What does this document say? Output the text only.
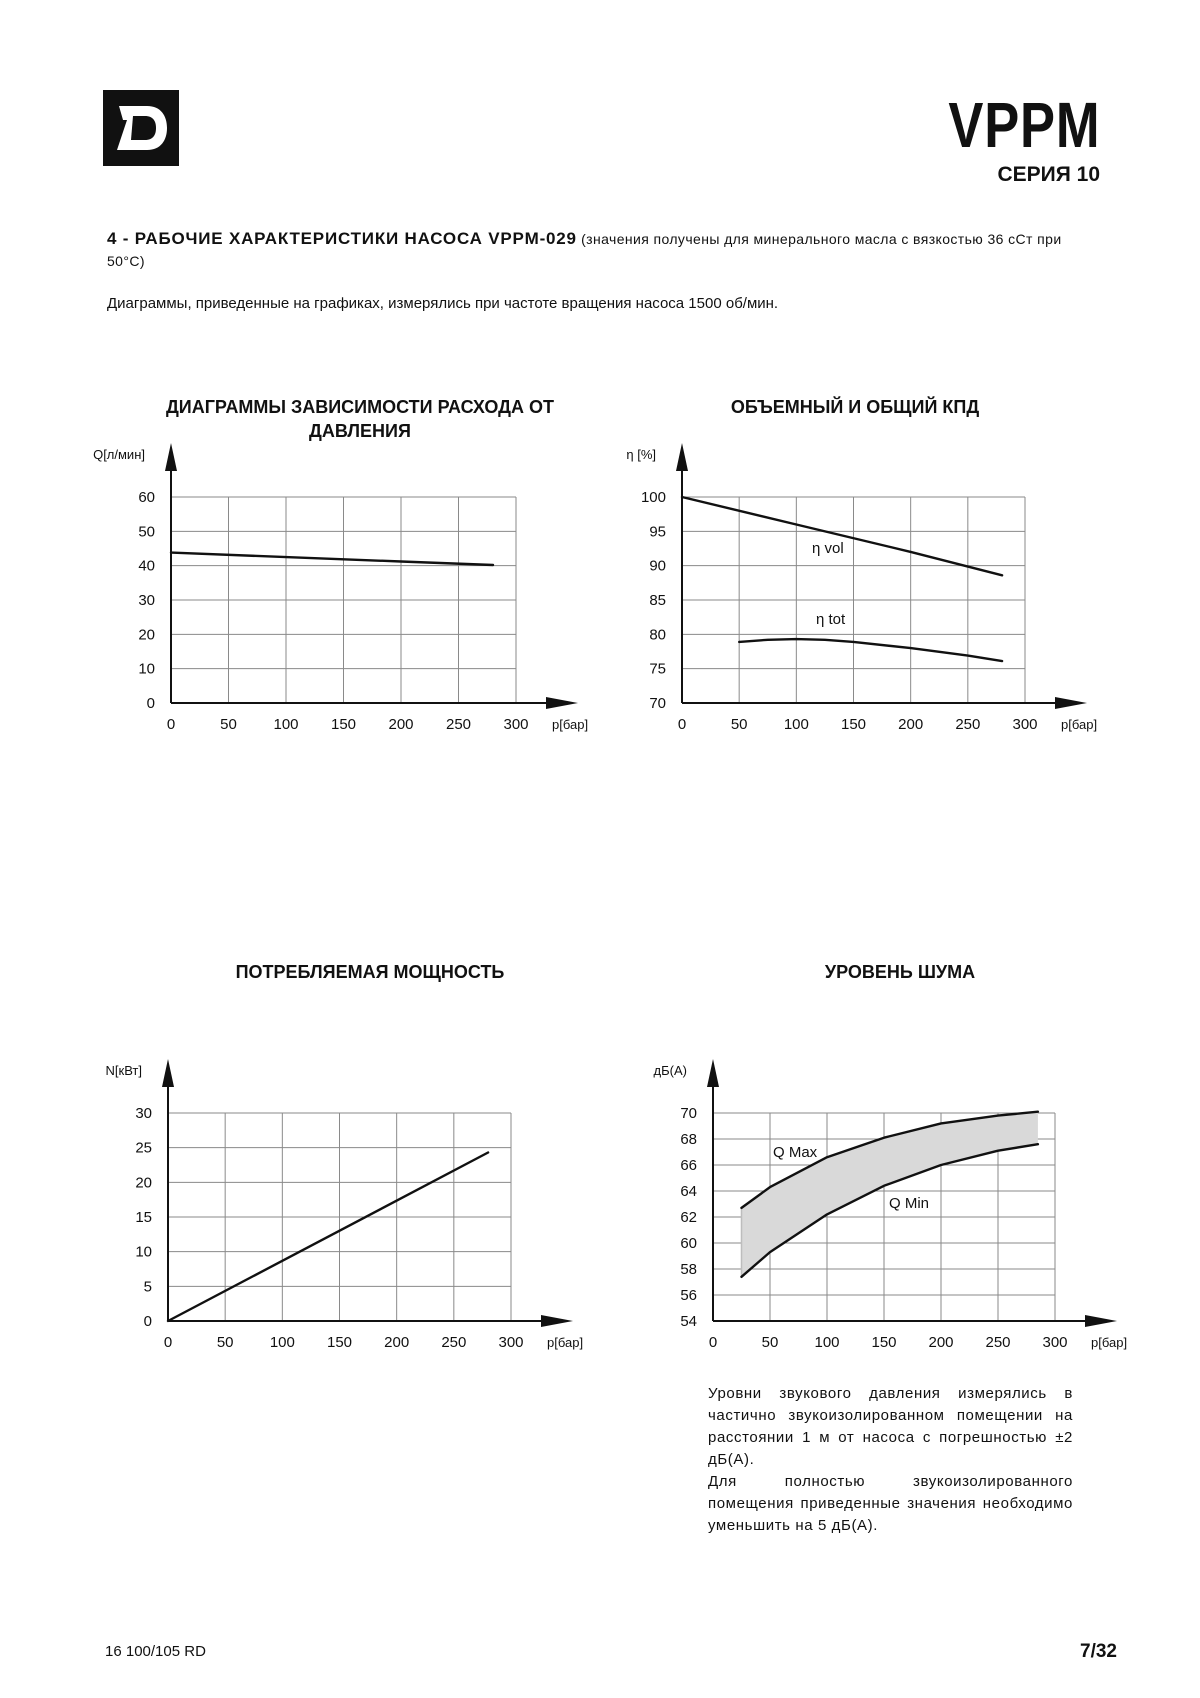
VPPM
СЕРИЯ 10
4 - РАБОЧИЕ ХАРАКТЕРИСТИКИ НАСОСА VPPM-029 (значения получены для минерального масла с вязкостью 36 сСт при 50°С)
Диаграммы, приведенные на графиках, измерялись при частоте вращения насоса 1500 об/мин.
ДИАГРАММЫ ЗАВИСИМОСТИ РАСХОДА ОТ ДАВЛЕНИЯ
ОБЪЕМНЫЙ И ОБЩИЙ КПД
ПОТРЕБЛЯЕМАЯ МОЩНОСТЬ	УРОВЕНЬ ШУМА
0	50 100 150 200 250 300
0
10
20
30
40
50
60
Q[л/мин]
p[бар]	0	50 100 150 200 250 300
70
75
80
85
90
95
100
η [%]
p[бар]
0	50 100 150 200 250 300
0
5
10
15
20
25
30
N[кВт]
p[бар]	0	50 100 150 200 250 300
54
56
58
60
62
64
66
68
70
дБ(А)
p[бар]
η vol
η tot
Q Max
Q Min
Уровни звукового давления измерялись в частично звукоизолированном помещении на расстоянии 1 м от насоса с погрешностью ±2 дБ(А).
Для полностью звукоизолированного помещения приведенные значения необходимо уменьшить на 5 дБ(А).
16 100/105 RD	7/32
